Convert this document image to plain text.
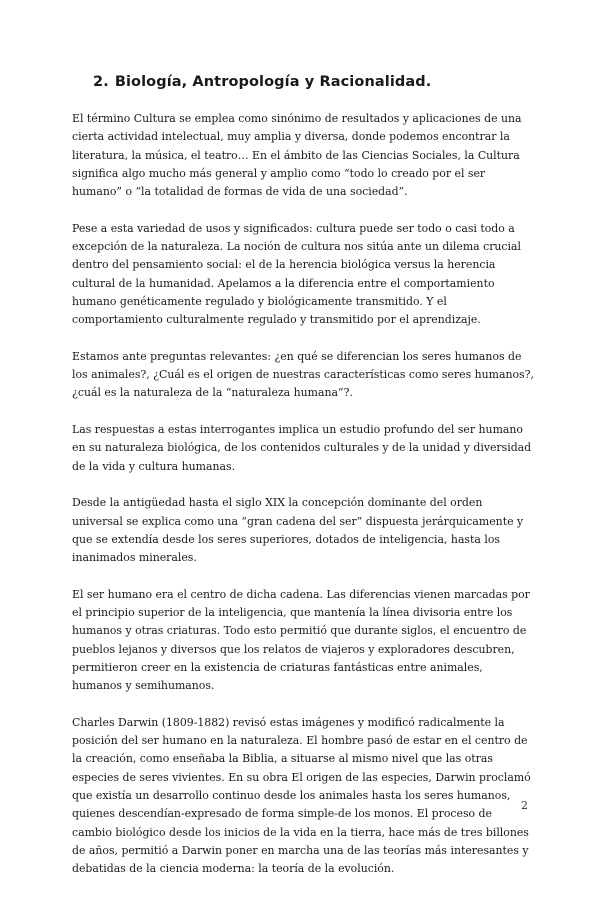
2. Biología, Antropología y Racionalidad.

El término Cultura se emplea como sinónimo de resultados y aplicaciones de una cierta actividad intelectual, muy amplia y diversa, donde podemos encontrar la literatura, la música, el teatro… En el ámbito de las Ciencias Sociales, la Cultura significa algo mucho más general y amplio como “todo lo creado por el ser humano” o “la totalidad de formas de vida de una sociedad”.

Pese a esta variedad de usos y significados: cultura puede ser todo o casi todo a excepción de la naturaleza. La noción de cultura nos sitúa ante un dilema crucial dentro del pensamiento social: el de la herencia biológica versus la herencia cultural de la humanidad. Apelamos a la diferencia entre el comportamiento humano genéticamente regulado y biológicamente transmitido. Y el comportamiento culturalmente regulado y transmitido por el aprendizaje.

Estamos ante preguntas relevantes: ¿en qué se diferencian los seres humanos de los animales?, ¿Cuál es el origen de nuestras características como seres humanos?, ¿cuál es la naturaleza de la “naturaleza humana”?.

Las respuestas a estas interrogantes implica un estudio profundo del ser humano en su naturaleza biológica, de los contenidos culturales y de la unidad y diversidad de la vida y cultura humanas.

Desde la antigüedad hasta el siglo XIX la concepción dominante del orden universal se explica como una “gran cadena del ser” dispuesta jerárquicamente y que se extendía desde los seres superiores, dotados de inteligencia, hasta los inanimados minerales.

El ser humano era el centro de dicha cadena. Las diferencias vienen marcadas por el principio superior de la inteligencia, que mantenía la línea divisoria entre los humanos y otras criaturas. Todo esto permitió que durante siglos, el encuentro de pueblos lejanos y diversos que los relatos de viajeros y exploradores descubren, permitieron creer en la existencia de criaturas fantásticas entre animales, humanos y semihumanos.

Charles Darwin (1809-1882) revisó estas imágenes y modificó radicalmente la posición del ser humano en la naturaleza. El hombre pasó de estar en el centro de la creación, como enseñaba la Biblia, a situarse al mismo nivel que las otras especies de seres vivientes. En su obra El origen de las especies, Darwin proclamó que existía un desarrollo continuo desde los animales hasta los seres humanos, quienes descendían-expresado de forma simple-de los monos. El proceso de cambio biológico desde los inicios de la vida en la tierra, hace más de tres billones de años, permitió a Darwin poner en marcha una de las teorías más interesantes y debatidas de la ciencia moderna: la teoría de la evolución.

2
